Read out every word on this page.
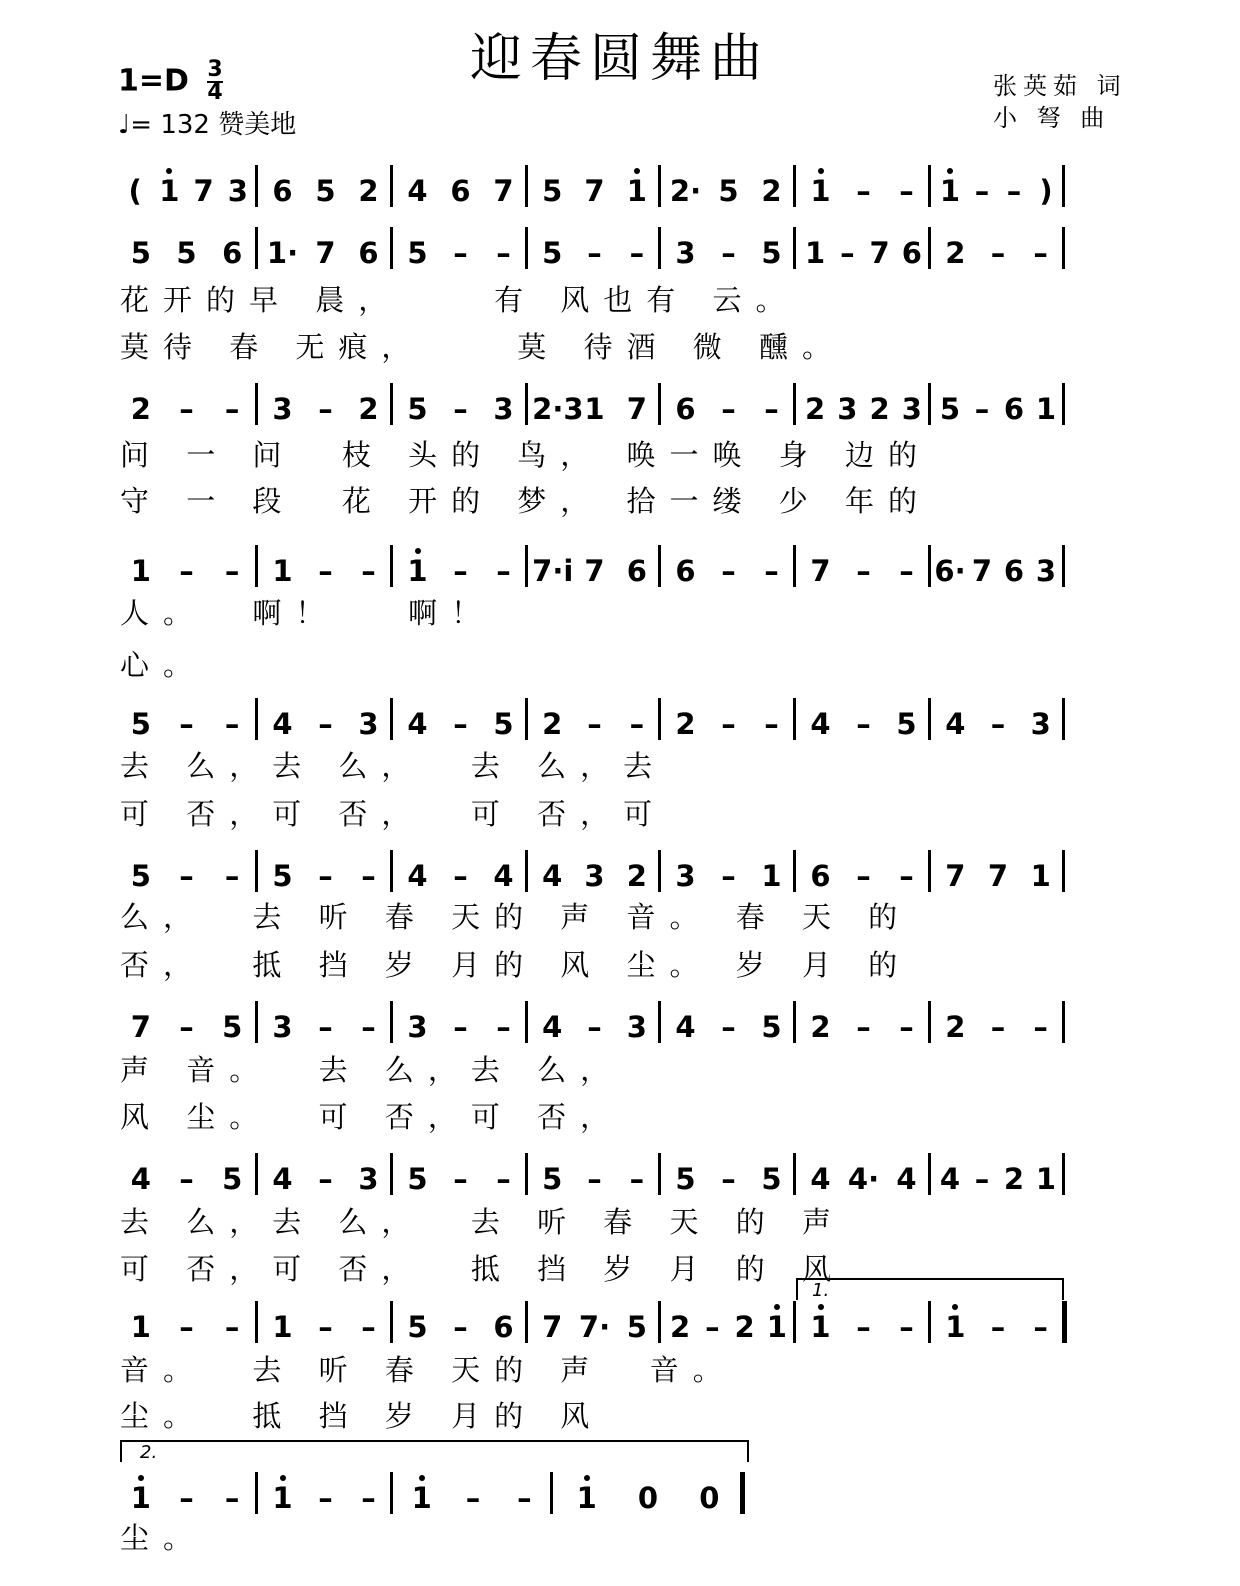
迎春圆舞曲
$1=D \frac{3}{4}$
♩= 132 赞美地
张英茹 词
小 弩 曲
( 1 7 3 6 5 2 4 6 7 5 7 1 2· 5 2 1 – – 1 – – )
5 5 6 1· 7 6 5 – – 5 – – 3 – 5 1 – 7 6 2 – –
花开的早 晨，    有 风也有 云。
莫待 春 无痕，    莫 待酒 微 醺。
2 – – 3 – 2 5 – 3 2·3 1 7 6 – – 2 3 2 3 5 – 6 1
问 一 问  枝 头的 鸟， 唤一唤 身 边的
守 一 段  花 开的 梦， 拾一缕 少 年的
1 – – 1 – – 1 – – 7·i 7 6 6 – – 7 – – 6· 7 6 3
人。  啊！   啊！
心。
5 – – 4 – 3 4 – 5 2 – – 2 – – 4 – 5 4 – 3
去 么，去 么，  去 么，去
可 否，可 否，  可 否，可
5 – – 5 – – 4 – 4 4 3 2 3 – 1 6 – – 7 7 1
么，  去 听 春 天的 声 音。 春 天 的
否，  抵 挡 岁 月的 风 尘。 岁 月 的
7 – 5 3 – – 3 – – 4 – 3 4 – 5 2 – – 2 – –
声 音。  去 么，去 么，
风 尘。  可 否，可 否，
4 – 5 4 – 3 5 – – 5 – – 5 – 5 4 4· 4 4 – 2 1
去 么，去 么，  去 听 春 天 的 声
可 否，可 否，  抵 挡 岁 月 的 风
1 – – 1 – – 5 – 6 7 7· 5 2 – 2 1 1 – – 1 – –
音。  去 听 春 天的 声  音。
尘。  抵 挡 岁 月的 风
1 – – 1 – – 1 – – 1 0 0
尘。
1.
2.
